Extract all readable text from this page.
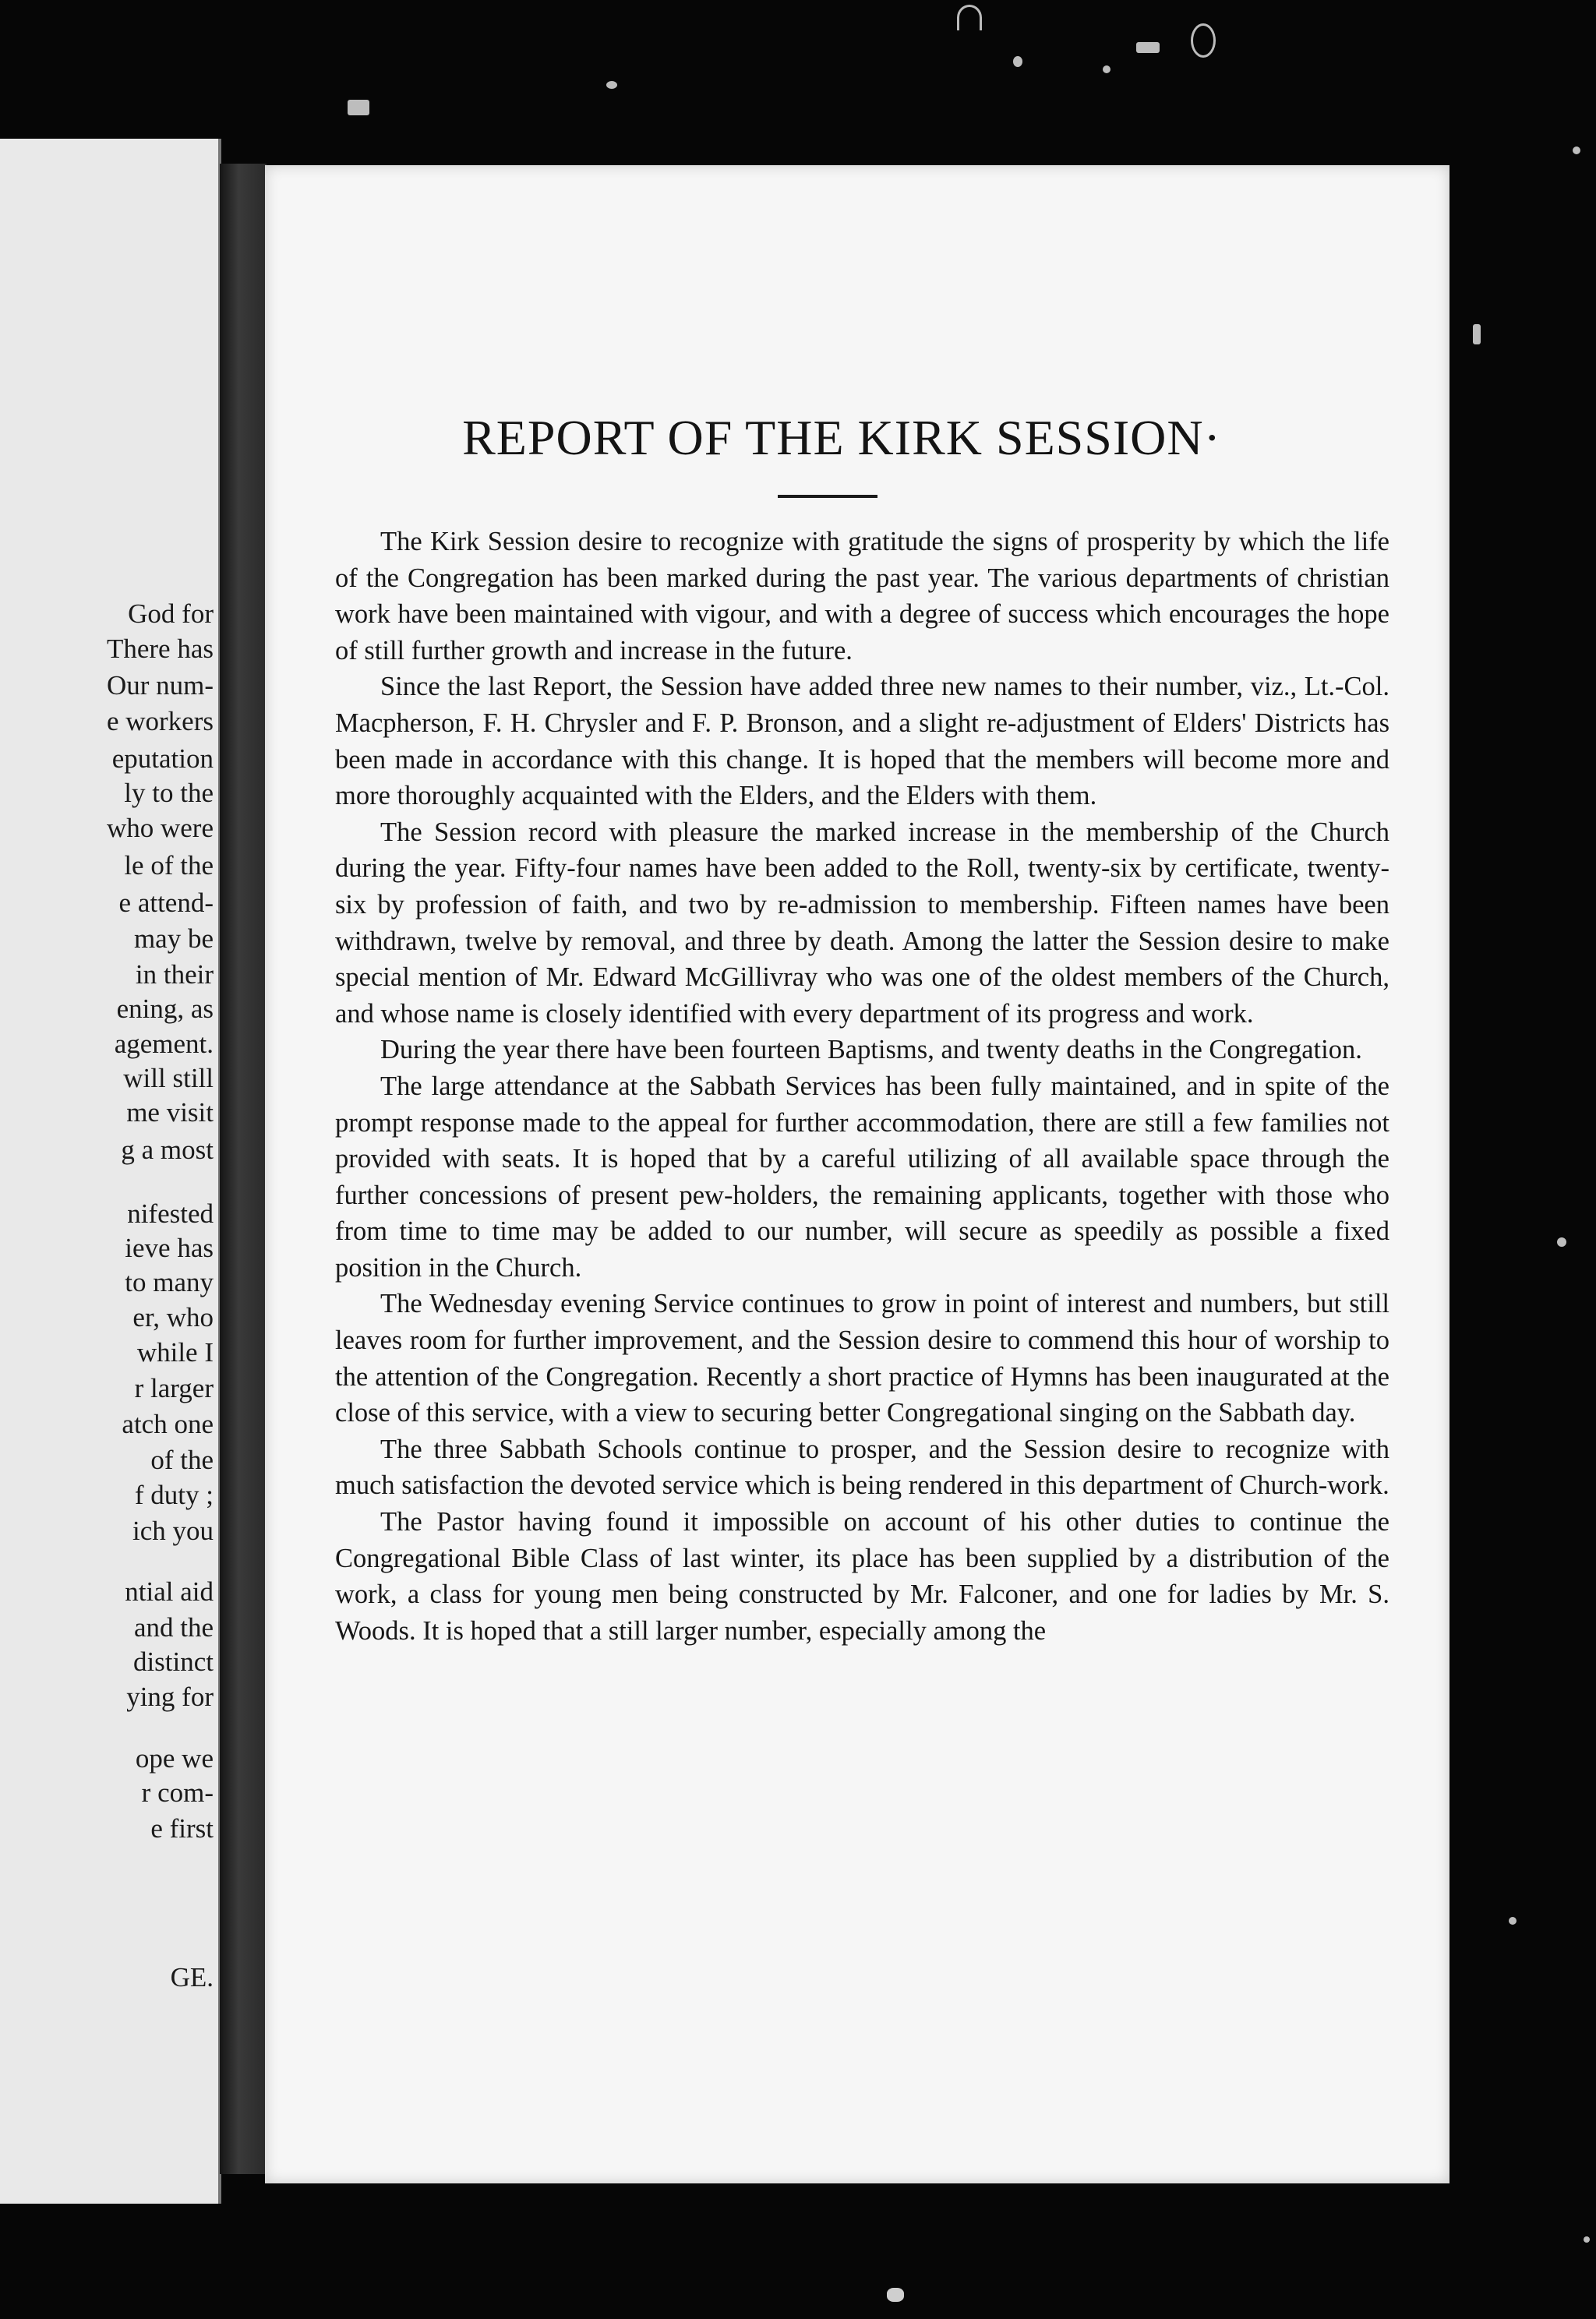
God for
There has
Our num-
e workers
eputation
ly to the
who were
le of the
e attend-
may be
in their
ening, as
agement.
will still
me visit
g a most
nifested
ieve has
to many
er, who
while I
r larger
atch one
of the
f duty ;
ich you
ntial aid
and the
distinct
ying for
ope we
r com-
e first
GE.
REPORT OF THE KIRK SESSION·

The Kirk Session desire to recognize with gratitude the signs of prosperity by which the life of the Congregation has been marked during the past year. The various departments of christian work have been maintained with vigour, and with a degree of success which encourages the hope of still further growth and increase in the future.

Since the last Report, the Session have added three new names to their number, viz., Lt.-Col. Macpherson, F. H. Chrysler and F. P. Bronson, and a slight re-adjustment of Elders' Districts has been made in accordance with this change. It is hoped that the members will become more and more thoroughly acquainted with the Elders, and the Elders with them.

The Session record with pleasure the marked increase in the membership of the Church during the year. Fifty-four names have been added to the Roll, twenty-six by certificate, twenty-six by profession of faith, and two by re-admission to membership. Fifteen names have been withdrawn, twelve by removal, and three by death. Among the latter the Session desire to make special mention of Mr. Edward McGillivray who was one of the oldest members of the Church, and whose name is closely identified with every department of its progress and work.

During the year there have been fourteen Baptisms, and twenty deaths in the Congregation.

The large attendance at the Sabbath Services has been fully maintained, and in spite of the prompt response made to the appeal for further accommodation, there are still a few families not provided with seats. It is hoped that by a careful utilizing of all available space through the further concessions of present pew-holders, the remaining applicants, together with those who from time to time may be added to our number, will secure as speedily as possible a fixed position in the Church.

The Wednesday evening Service continues to grow in point of interest and numbers, but still leaves room for further improvement, and the Session desire to commend this hour of worship to the attention of the Congregation. Recently a short practice of Hymns has been inaugurated at the close of this service, with a view to securing better Congregational singing on the Sabbath day.

The three Sabbath Schools continue to prosper, and the Session desire to recognize with much satisfaction the devoted service which is being rendered in this department of Church-work.

The Pastor having found it impossible on account of his other duties to continue the Congregational Bible Class of last winter, its place has been supplied by a distribution of the work, a class for young men being constructed by Mr. Falconer, and one for ladies by Mr. S. Woods. It is hoped that a still larger number, especially among the
